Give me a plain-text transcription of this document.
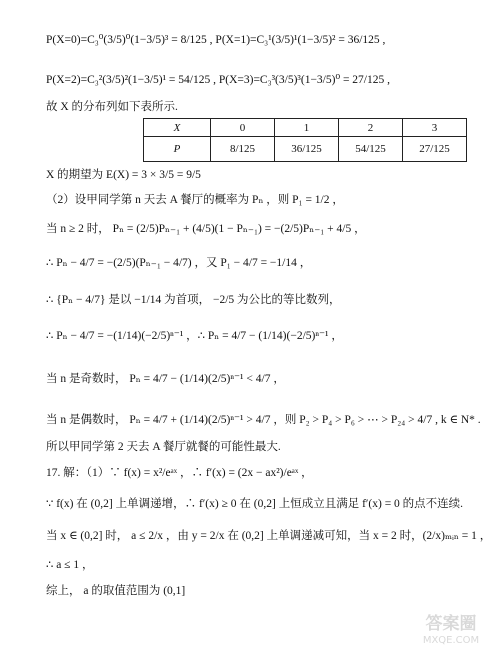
P(X=0)=C₃⁰(3/5)⁰(1−3/5)³ = 8/125 , P(X=1)=C₃¹(3/5)¹(1−3/5)² = 36/125 ,
P(X=2)=C₃²(3/5)²(1−3/5)¹ = 54/125 , P(X=3)=C₃³(3/5)³(1−3/5)⁰ = 27/125 ,
故 X 的分布列如下表所示.
X	0	1	2	3
P	8/125	36/125	54/125	27/125
X 的期望为 E(X) = 3 × 3/5 = 9/5
（2）设甲同学第 n 天去 A 餐厅的概率为 Pₙ ，则 P₁ = 1/2 ，
当 n ≥ 2 时， Pₙ = (2/5)Pₙ₋₁ + (4/5)(1 − Pₙ₋₁) = −(2/5)Pₙ₋₁ + 4/5 ，
∴ Pₙ − 4/7 = −(2/5)(Pₙ₋₁ − 4/7) ，又 P₁ − 4/7 = −1/14 ，
∴ {Pₙ − 4/7} 是以 −1/14 为首项， −2/5 为公比的等比数列，
∴ Pₙ − 4/7 = −(1/14)(−2/5)ⁿ⁻¹ ，∴ Pₙ = 4/7 − (1/14)(−2/5)ⁿ⁻¹ ，
当 n 是奇数时， Pₙ = 4/7 − (1/14)(2/5)ⁿ⁻¹ < 4/7 ，
当 n 是偶数时， Pₙ = 4/7 + (1/14)(2/5)ⁿ⁻¹ > 4/7 ，则 P₂ > P₄ > P₆ > ⋯ > P₂₄ > 4/7 , k ∈ N* .
所以甲同学第 2 天去 A 餐厅就餐的可能性最大.
17. 解：（1）∵ f(x) = x²/eᵃˣ ，∴ f′(x) = (2x − ax²)/eᵃˣ ，
∵ f(x) 在 (0,2] 上单调递增，∴ f′(x) ≥ 0 在 (0,2] 上恒成立且满足 f′(x) = 0 的点不连续.
当 x ∈ (0,2] 时， a ≤ 2/x ，由 y = 2/x 在 (0,2] 上单调递减可知，当 x = 2 时，(2/x)ₘᵢₙ = 1 ，
∴ a ≤ 1 ，
综上， a 的取值范围为 (0,1]
答案圈
MXQE.COM
